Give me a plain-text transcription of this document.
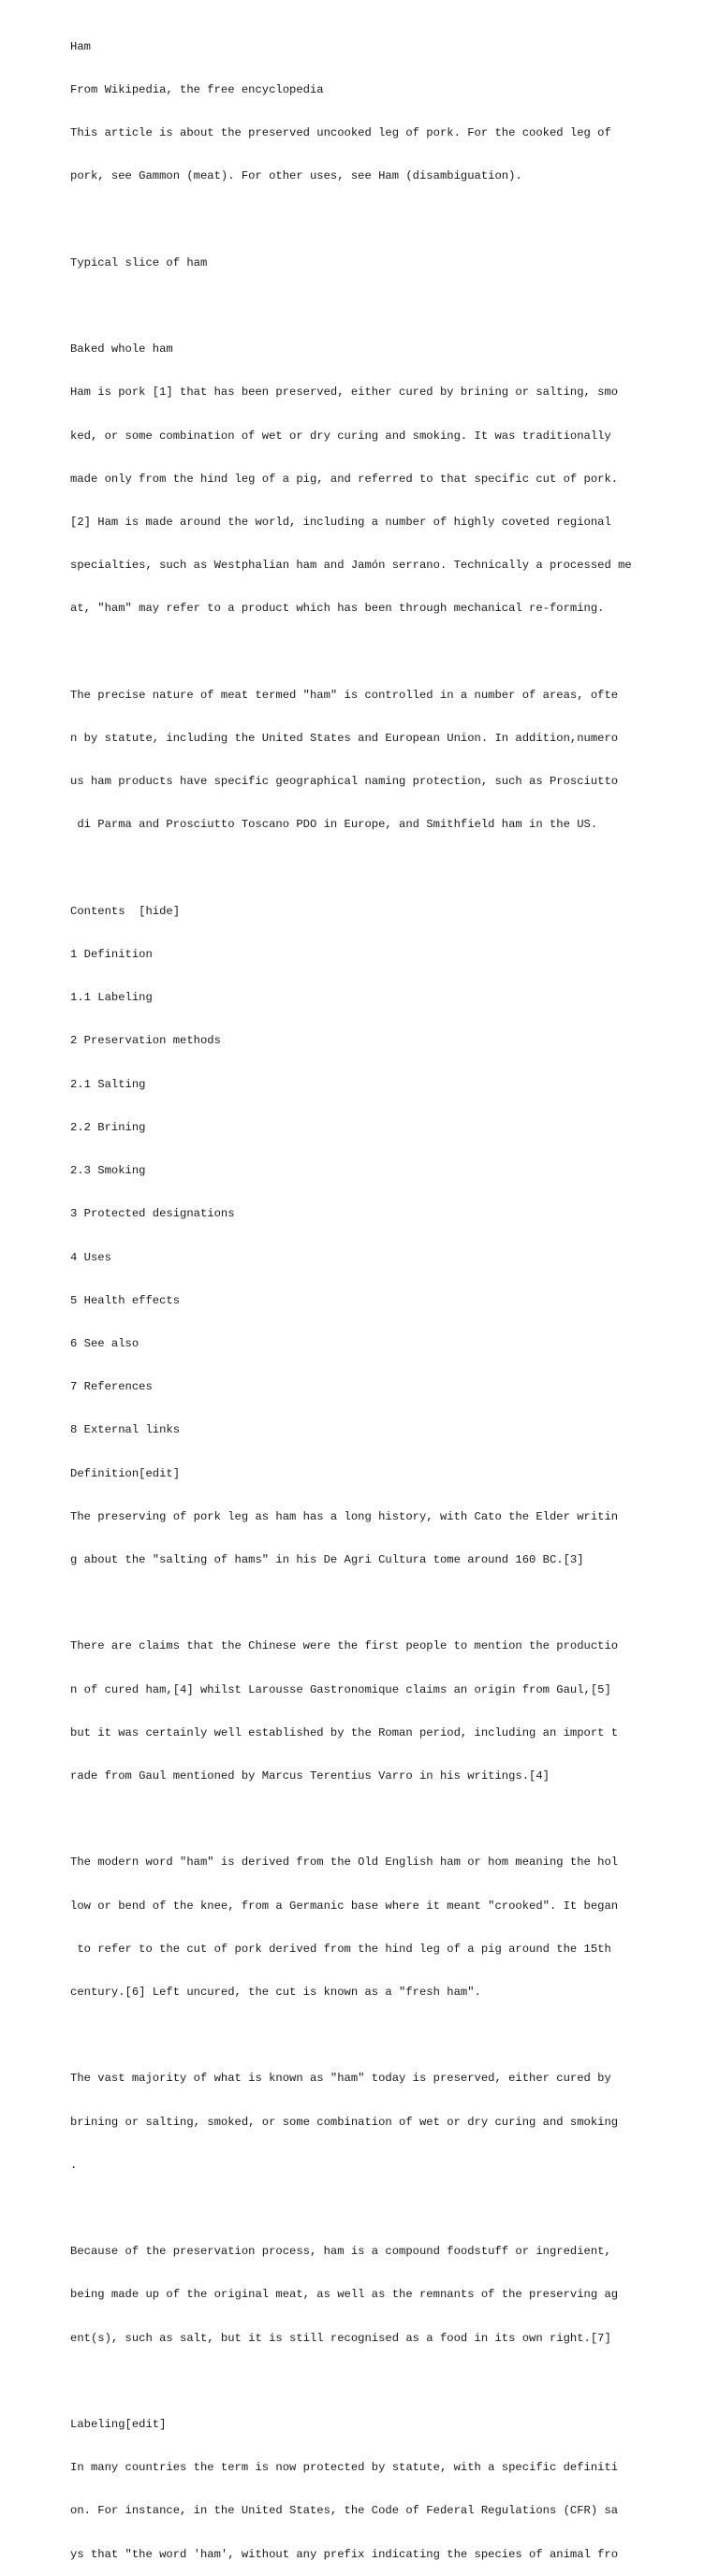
Ham

From Wikipedia, the free encyclopedia

This article is about the preserved uncooked leg of pork. For the cooked leg of

pork, see Gammon (meat). For other uses, see Ham (disambiguation).

Typical slice of ham

Baked whole ham

Ham is pork [1] that has been preserved, either cured by brining or salting, smo

ked, or some combination of wet or dry curing and smoking. It was traditionally

made only from the hind leg of a pig, and referred to that specific cut of pork.

[2] Ham is made around the world, including a number of highly coveted regional

specialties, such as Westphalian ham and Jamón serrano. Technically a processed me

at, "ham" may refer to a product which has been through mechanical re-forming.

The precise nature of meat termed "ham" is controlled in a number of areas, ofte

n by statute, including the United States and European Union. In addition,numero

us ham products have specific geographical naming protection, such as Prosciutto

di Parma and Prosciutto Toscano PDO in Europe, and Smithfield ham in the US.

Contents  [hide]

1 Definition

1.1 Labeling

2 Preservation methods

2.1 Salting

2.2 Brining

2.3 Smoking

3 Protected designations

4 Uses

5 Health effects

6 See also

7 References

8 External links

Definition[edit]

The preserving of pork leg as ham has a long history, with Cato the Elder writin

g about the "salting of hams" in his De Agri Cultura tome around 160 BC.[3]

There are claims that the Chinese were the first people to mention the productio

n of cured ham,[4] whilst Larousse Gastronomique claims an origin from Gaul,[5]

but it was certainly well established by the Roman period, including an import t

rade from Gaul mentioned by Marcus Terentius Varro in his writings.[4]

The modern word "ham" is derived from the Old English ham or hom meaning the hol

low or bend of the knee, from a Germanic base where it meant "crooked". It began

to refer to the cut of pork derived from the hind leg of a pig around the 15th

century.[6] Left uncured, the cut is known as a "fresh ham".

The vast majority of what is known as "ham" today is preserved, either cured by

brining or salting, smoked, or some combination of wet or dry curing and smoking

.

Because of the preservation process, ham is a compound foodstuff or ingredient,

being made up of the original meat, as well as the remnants of the preserving ag

ent(s), such as salt, but it is still recognised as a food in its own right.[7]

Labeling[edit]

In many countries the term is now protected by statute, with a specific definiti

on. For instance, in the United States, the Code of Federal Regulations (CFR) sa

ys that "the word 'ham', without any prefix indicating the species of animal fro
